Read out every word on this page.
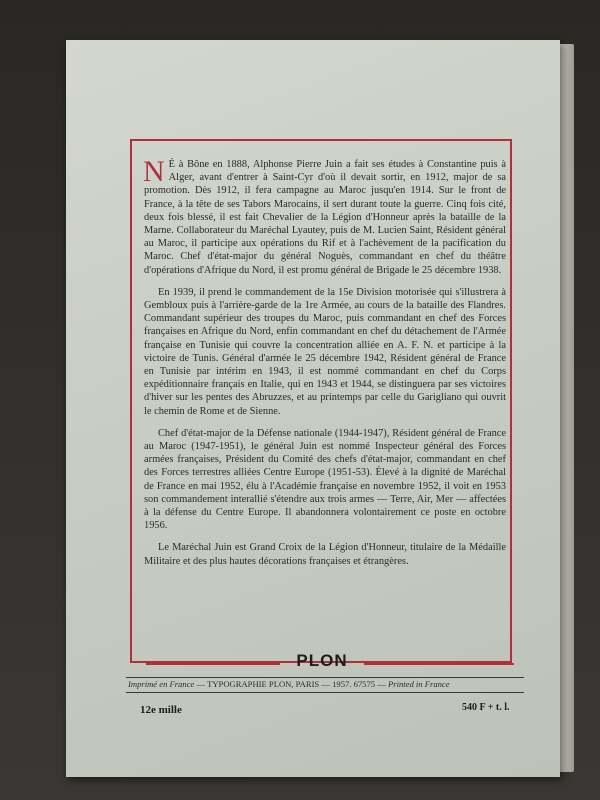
N É à Bône en 1888, Alphonse Pierre Juin a fait ses études à Constantine puis à Alger, avant d'entrer à Saint-Cyr d'où il devait sortir, en 1912, major de sa promotion. Dès 1912, il fera campagne au Maroc jusqu'en 1914. Sur le front de France, à la tête de ses Tabors Marocains, il sert durant toute la guerre. Cinq fois cité, deux fois blessé, il est fait Chevalier de la Légion d'Honneur après la bataille de la Marne. Collaborateur du Maréchal Lyautey, puis de M. Lucien Saint, Résident général au Maroc, il participe aux opérations du Rif et à l'achèvement de la pacification du Maroc. Chef d'état-major du général Noguès, commandant en chef du théâtre d'opérations d'Afrique du Nord, il est promu général de Brigade le 25 décembre 1938.

En 1939, il prend le commandement de la 15e Division motorisée qui s'illustrera à Gembloux puis à l'arrière-garde de la 1re Armée, au cours de la bataille des Flandres. Commandant supérieur des troupes du Maroc, puis commandant en chef des Forces françaises en Afrique du Nord, enfin commandant en chef du détachement de l'Armée française en Tunisie qui couvre la concentration alliée en A. F. N. et participe à la victoire de Tunis. Général d'armée le 25 décembre 1942, Résident général de France en Tunisie par intérim en 1943, il est nommé commandant en chef du Corps expéditionnaire français en Italie, qui en 1943 et 1944, se distinguera par ses victoires d'hiver sur les pentes des Abruzzes, et au printemps par celle du Garigliano qui ouvrit le chemin de Rome et de Sienne.

Chef d'état-major de la Défense nationale (1944-1947), Résident général de France au Maroc (1947-1951), le général Juin est nommé Inspecteur général des Forces armées françaises, Président du Comité des chefs d'état-major, commandant en chef des Forces terrestres alliées Centre Europe (1951-53). Élevé à la dignité de Maréchal de France en mai 1952, élu à l'Académie française en novembre 1952, il voit en 1953 son commandement interallié s'étendre aux trois armes — Terre, Air, Mer — affectées à la défense du Centre Europe. Il abandonnera volontairement ce poste en octobre 1956.

Le Maréchal Juin est Grand Croix de la Légion d'Honneur, titulaire de la Médaille Militaire et des plus hautes décorations françaises et étrangères.

PLON
Imprimé en France — TYPOGRAPHIE PLON, PARIS — 1957. 67575 — Printed in France
12e mille	540 F + t. l.
